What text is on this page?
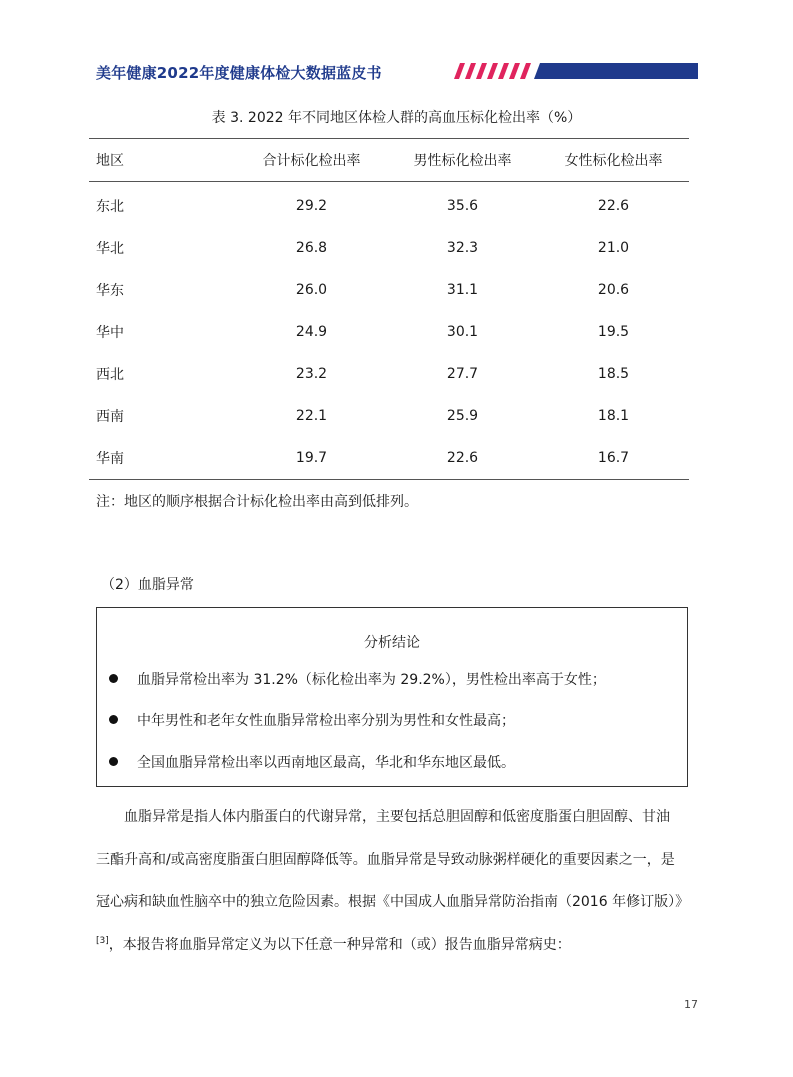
美年健康2022年度健康体检大数据蓝皮书
表 3. 2022 年不同地区体检人群的高血压标化检出率（%）
地区	合计标化检出率	男性标化检出率	女性标化检出率
东北	29.2	35.6	22.6
华北	26.8	32.3	21.0
华东	26.0	31.1	20.6
华中	24.9	30.1	19.5
西北	23.2	27.7	18.5
西南	22.1	25.9	18.1
华南	19.7	22.6	16.7
注：地区的顺序根据合计标化检出率由高到低排列。
（2）血脂异常
分析结论
血脂异常检出率为 31.2%（标化检出率为 29.2%），男性检出率高于女性；
中年男性和老年女性血脂异常检出率分别为男性和女性最高；
全国血脂异常检出率以西南地区最高，华北和华东地区最低。
血脂异常是指人体内脂蛋白的代谢异常，主要包括总胆固醇和低密度脂蛋白胆固醇、甘油
三酯升高和/或高密度脂蛋白胆固醇降低等。血脂异常是导致动脉粥样硬化的重要因素之一，是
冠心病和缺血性脑卒中的独立危险因素。根据《中国成人血脂异常防治指南（2016 年修订版）》
[3]，本报告将血脂异常定义为以下任意一种异常和（或）报告血脂异常病史：
17
